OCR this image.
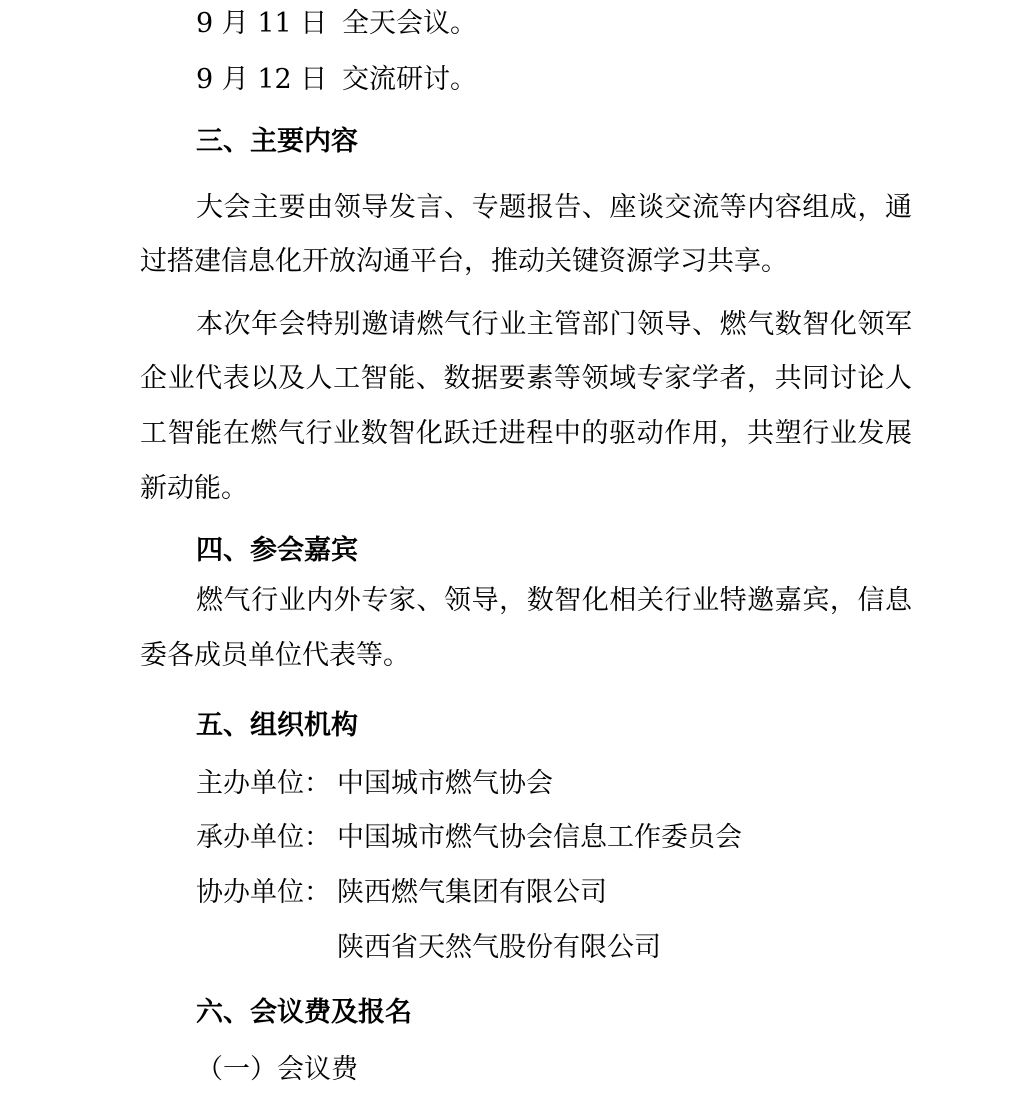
9 月 11 日 全天会议。
9 月 12 日 交流研讨。
三、主要内容
大会主要由领导发言、专题报告、座谈交流等内容组成，通
过搭建信息化开放沟通平台，推动关键资源学习共享。
本次年会特别邀请燃气行业主管部门领导、燃气数智化领军
企业代表以及人工智能、数据要素等领域专家学者，共同讨论人
工智能在燃气行业数智化跃迁进程中的驱动作用，共塑行业发展
新动能。
四、参会嘉宾
燃气行业内外专家、领导，数智化相关行业特邀嘉宾，信息
委各成员单位代表等。
五、组织机构
主办单位： 中国城市燃气协会
承办单位： 中国城市燃气协会信息工作委员会
协办单位： 陕西燃气集团有限公司
陕西省天然气股份有限公司
六、会议费及报名
（一）会议费
